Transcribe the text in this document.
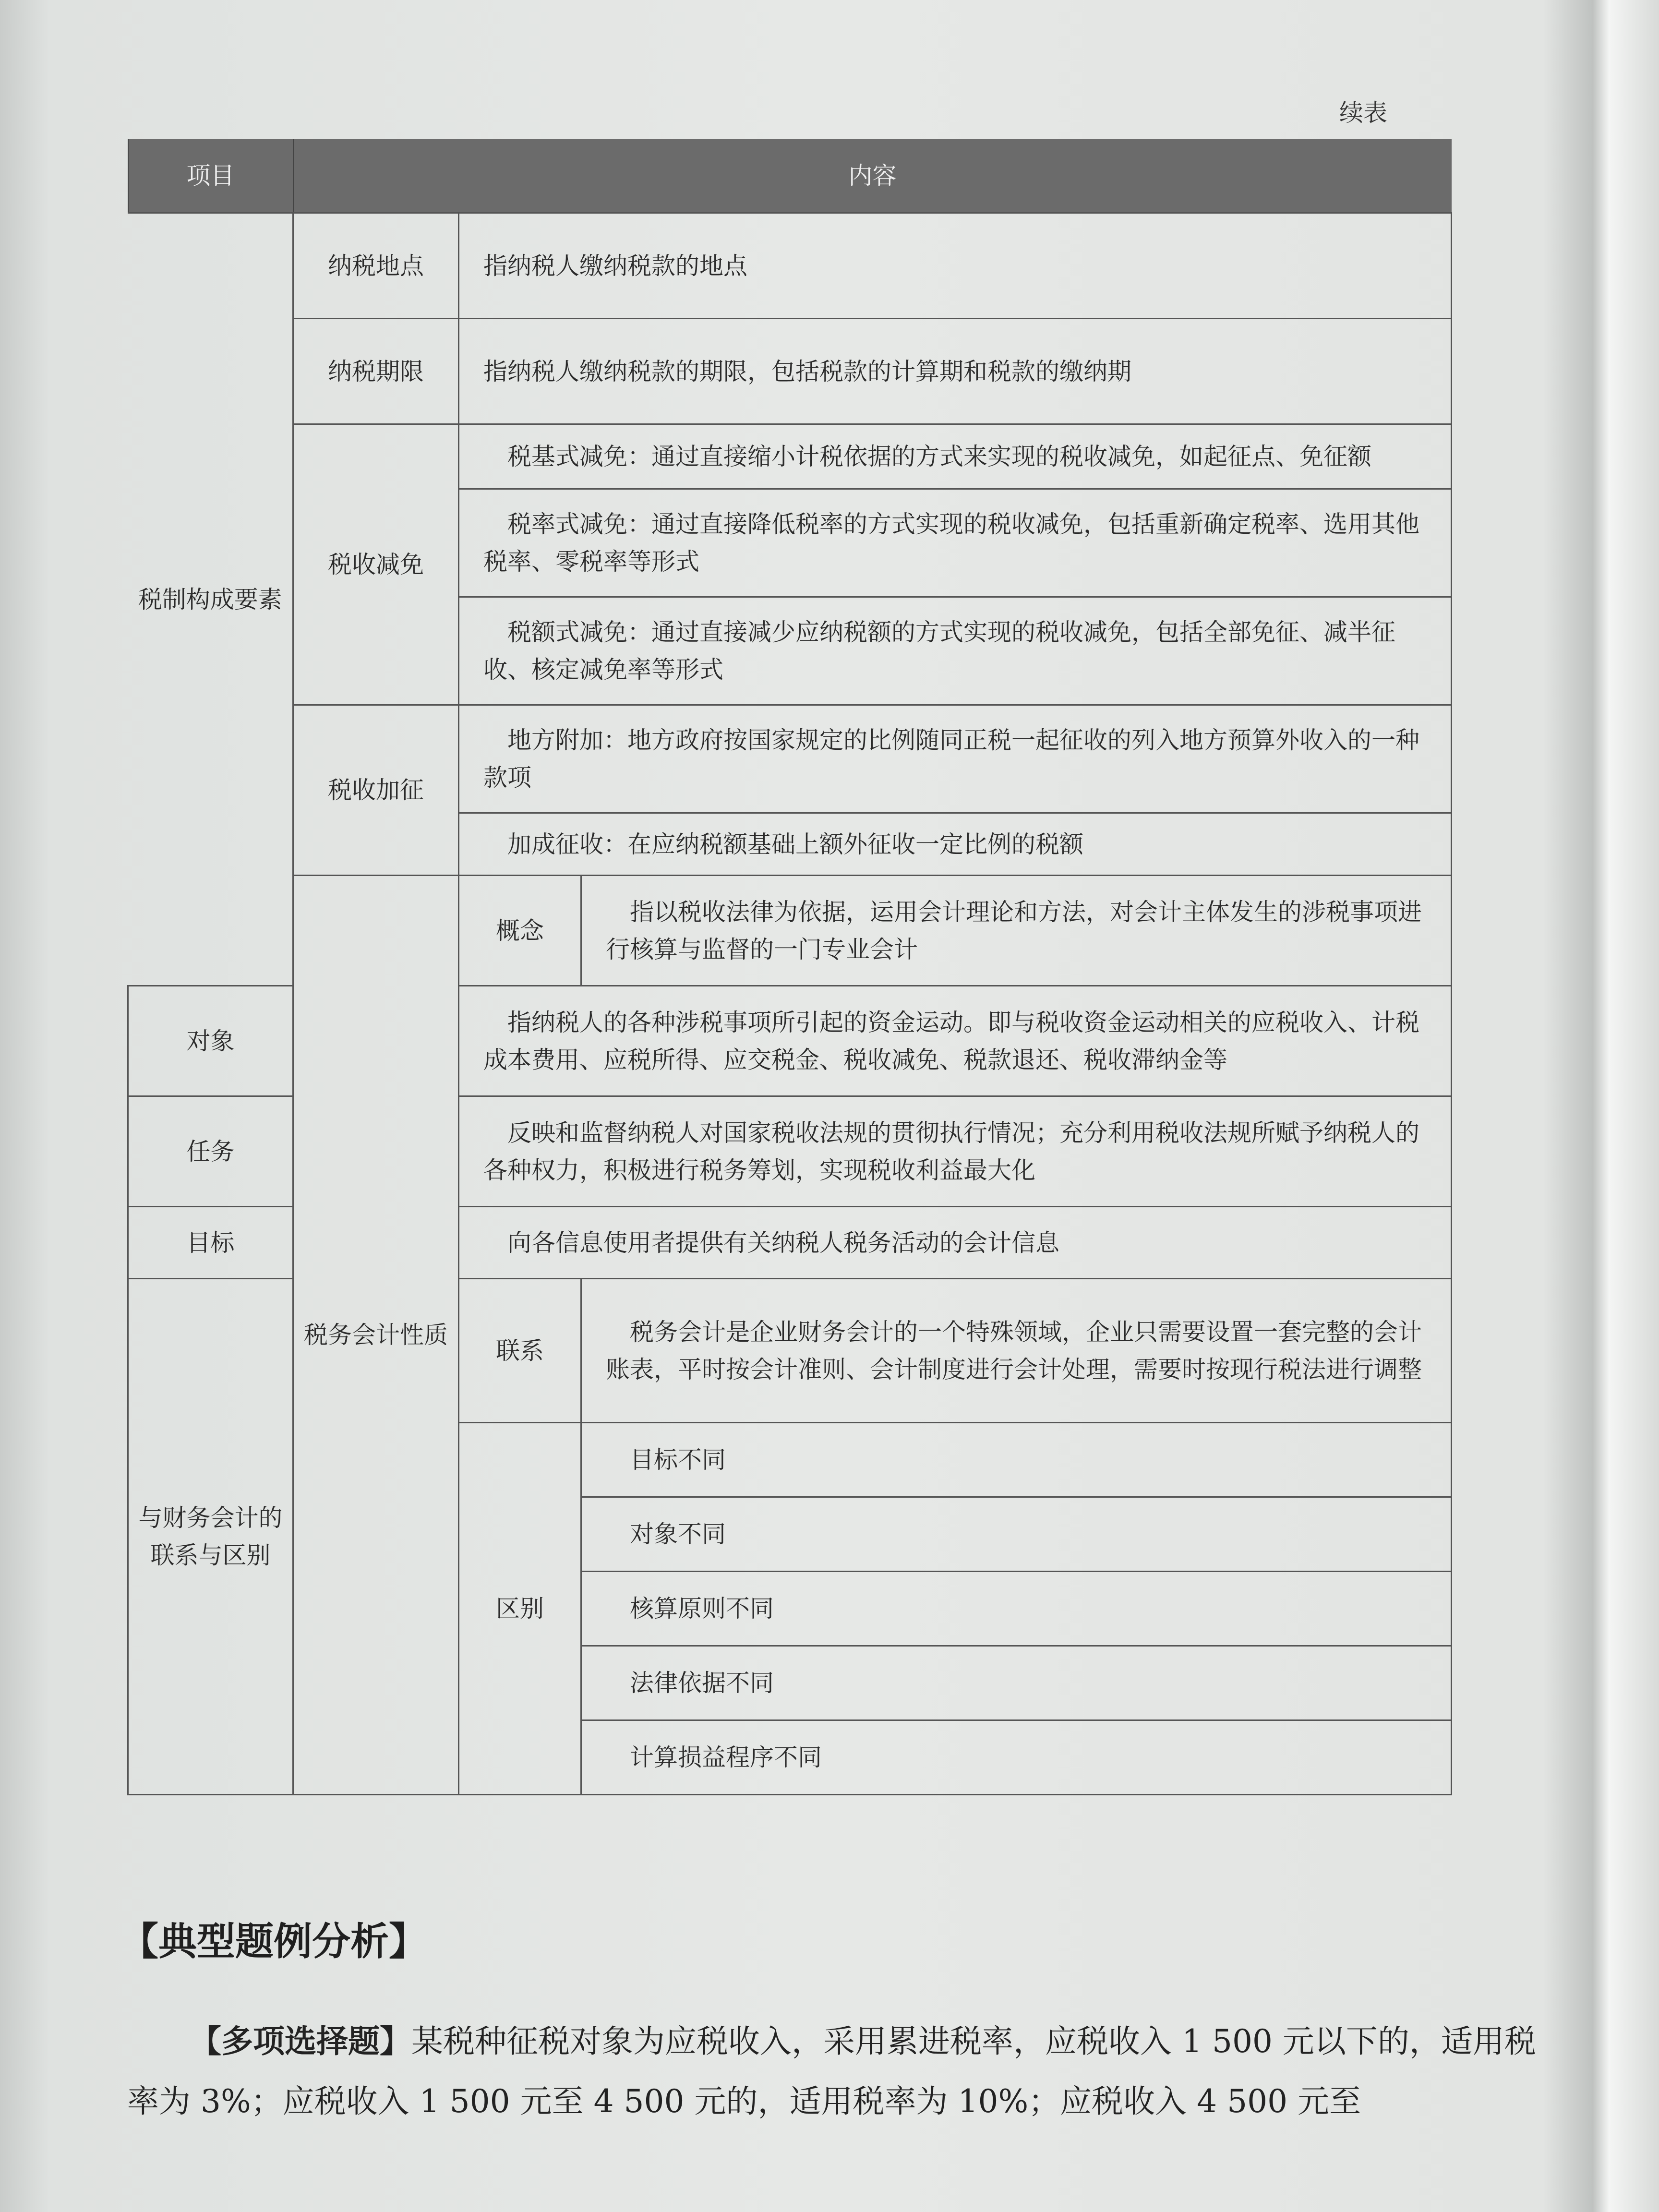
续表
项目	内容		
税制构成要素	纳税地点	指纳税人缴纳税款的地点	
	纳税期限	指纳税人缴纳税款的期限，包括税款的计算期和税款的缴纳期	
	税收减免	税基式减免：通过直接缩小计税依据的方式来实现的税收减免，如起征点、免征额	
		税率式减免：通过直接降低税率的方式实现的税收减免，包括重新确定税率、选用其他税率、零税率等形式	
		税额式减免：通过直接减少应纳税额的方式实现的税收减免，包括全部免征、减半征收、核定减免率等形式	
	税收加征	地方附加：地方政府按国家规定的比例随同正税一起征收的列入地方预算外收入的一种款项	
		加成征收：在应纳税额基础上额外征收一定比例的税额	
	税务会计性质	概念	指以税收法律为依据，运用会计理论和方法，对会计主体发生的涉税事项进行核算与监督的一门专业会计
对象		指纳税人的各种涉税事项所引起的资金运动。即与税收资金运动相关的应税收入、计税成本费用、应税所得、应交税金、税收减免、税款退还、税收滞纳金等	
任务		反映和监督纳税人对国家税收法规的贯彻执行情况；充分利用税收法规所赋予纳税人的各种权力，积极进行税务筹划，实现税收利益最大化	
目标		向各信息使用者提供有关纳税人税务活动的会计信息	
与财务会计的联系与区别		联系	税务会计是企业财务会计的一个特殊领域，企业只需要设置一套完整的会计账表，平时按会计准则、会计制度进行会计处理，需要时按现行税法进行调整
		区别	目标不同
			对象不同
			核算原则不同
			法律依据不同
			计算损益程序不同
【典型题例分析】
【多项选择题】某税种征税对象为应税收入，采用累进税率，应税收入 1 500 元以下的，适用税率为 3%；应税收入 1 500 元至 4 500 元的，适用税率为 10%；应税收入 4 500 元至
